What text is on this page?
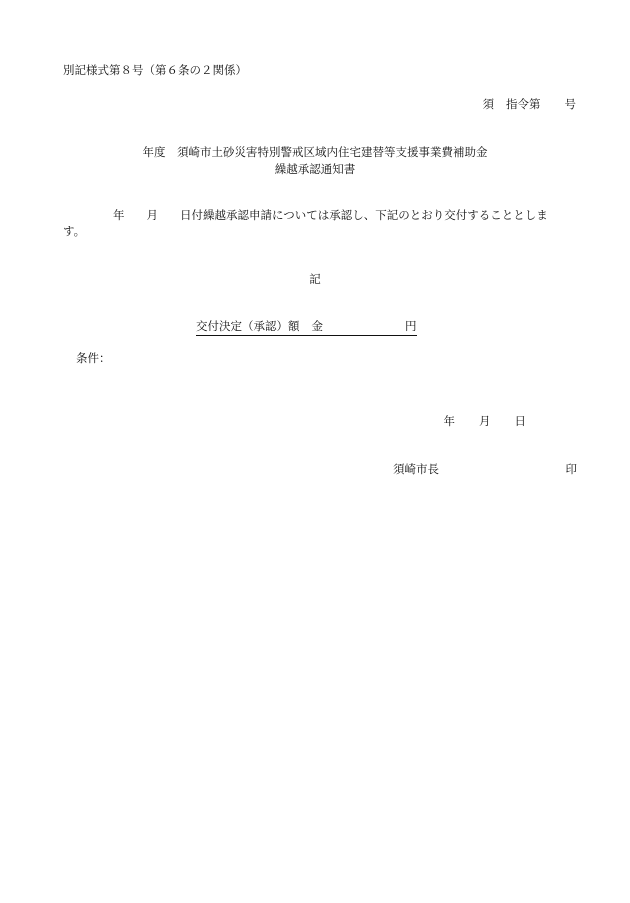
別記様式第８号（第６条の２関係）
須 指令第 号
年度　須崎市土砂災害特別警戒区域内住宅建替等支援事業費補助金
繰越承認通知書
年 月 日付繰越承認申請については承認し、下記のとおり交付することとしま
す。
記
交付決定（承認）額 金	円
条件：
年 月 日
須崎市長	印
